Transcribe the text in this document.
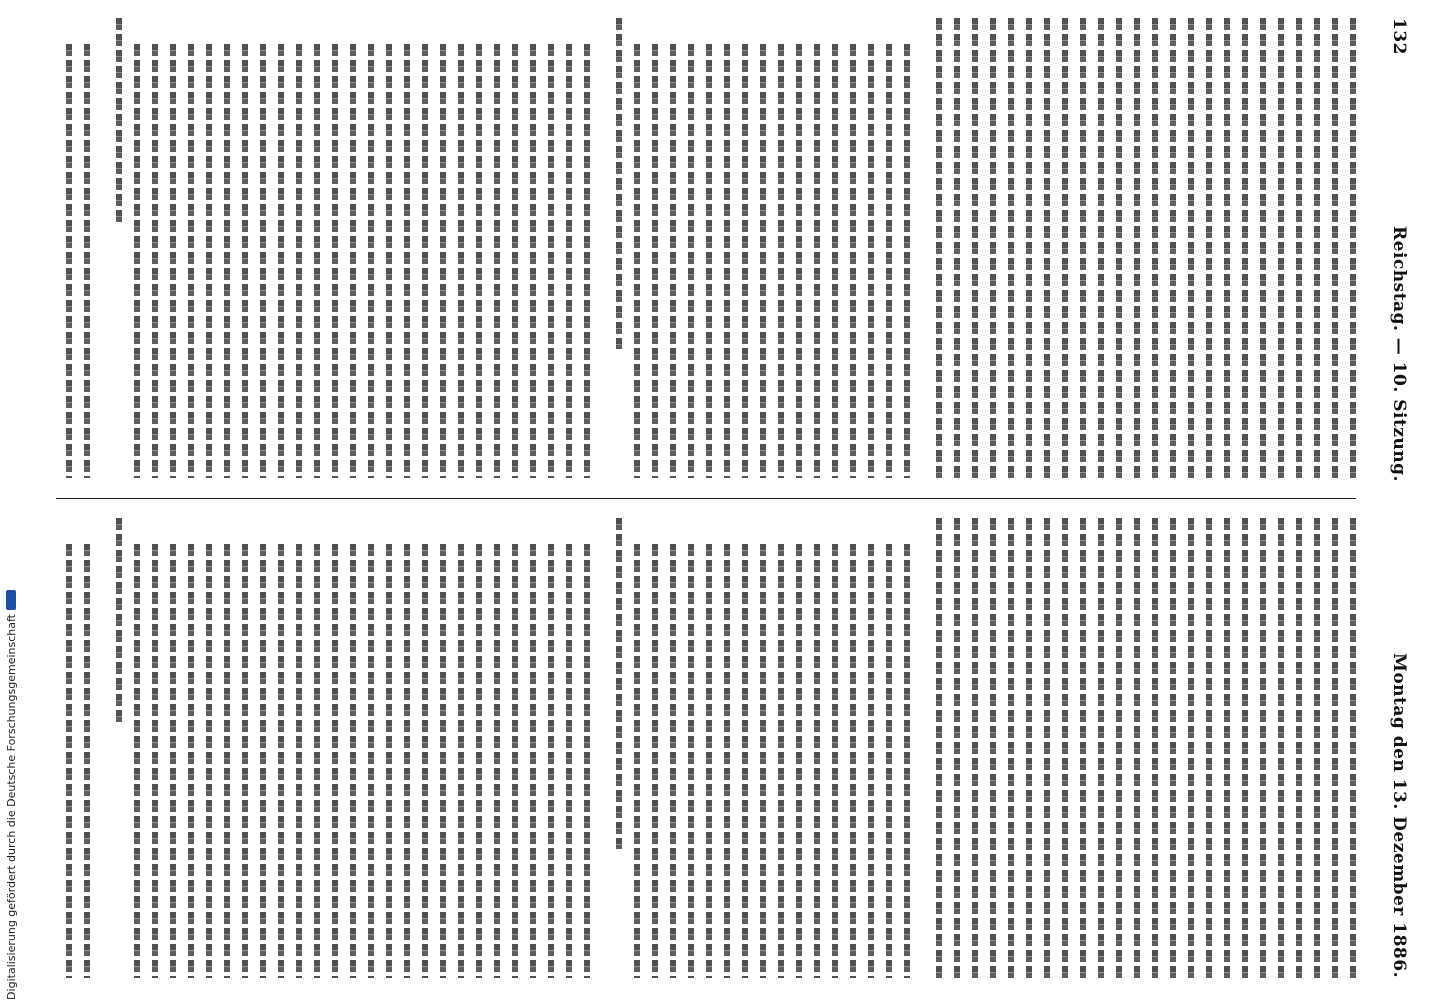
Digitalisierung gefördert durch die Deutsche Forschungsgemeinschaft
132
Reichstag. — 10. Sitzung.
Montag den 13. Dezember 1886.
